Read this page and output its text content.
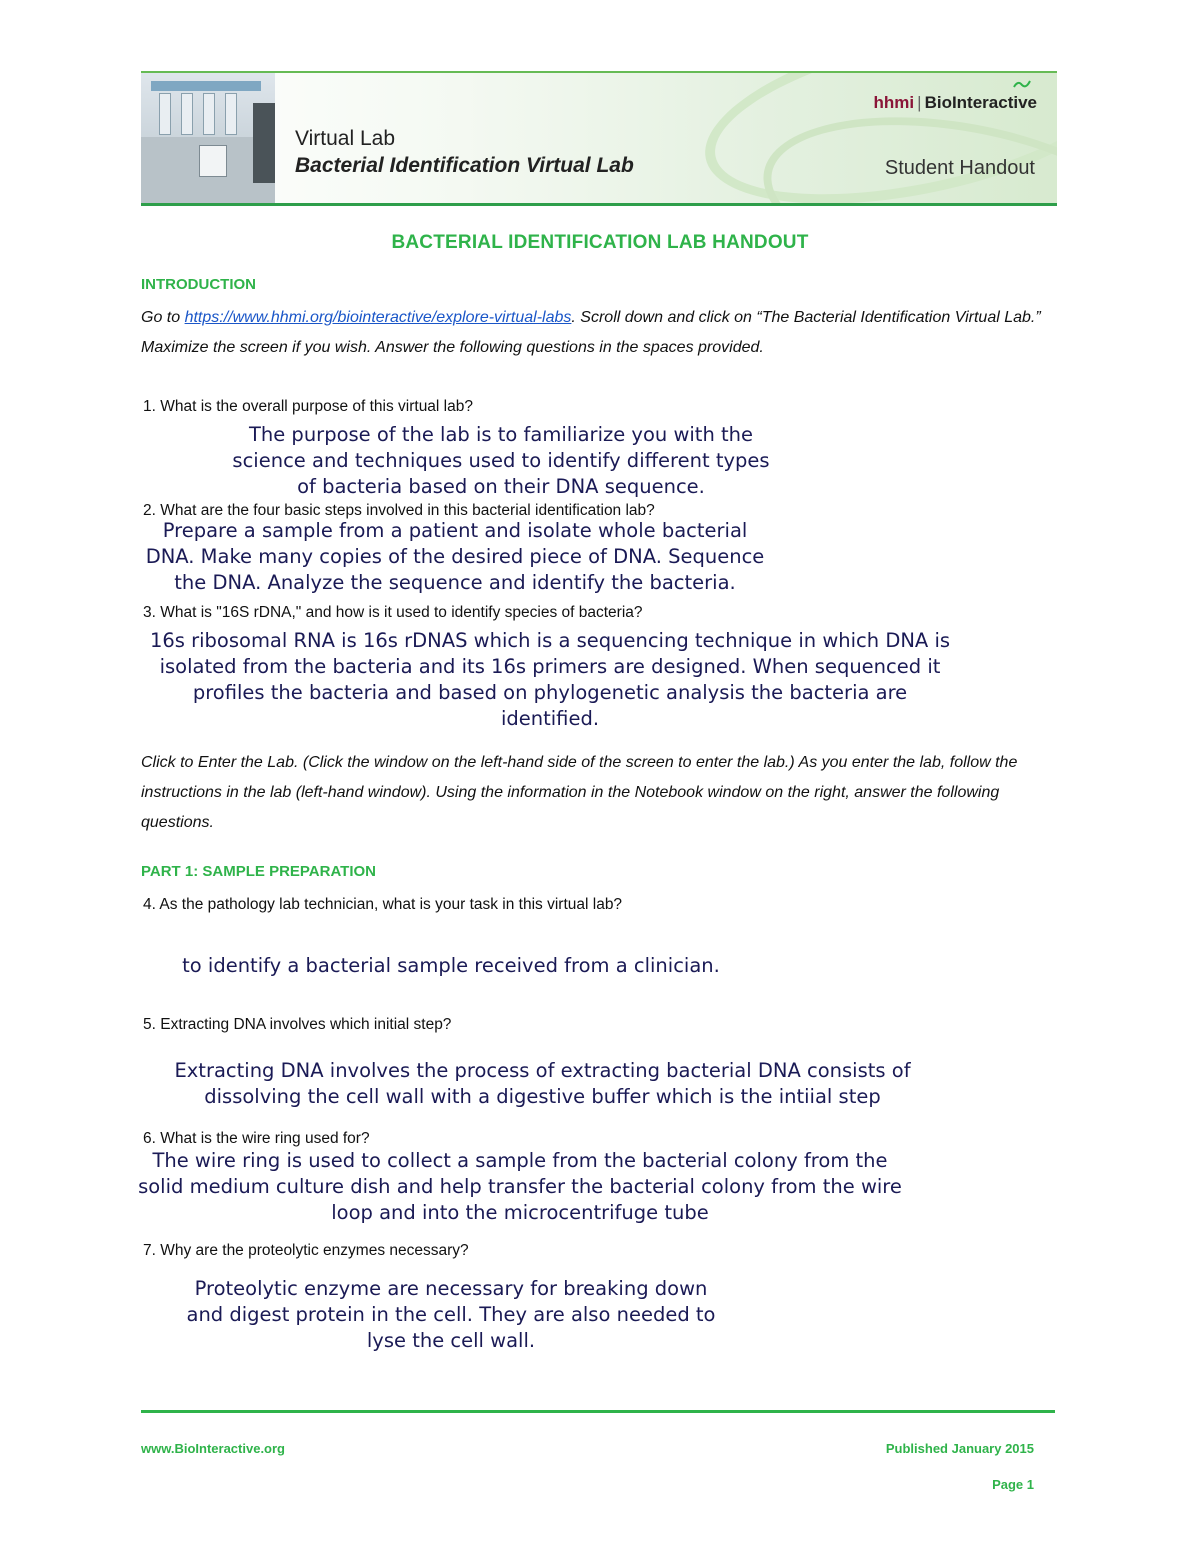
Virtual Lab
Bacterial Identification Virtual Lab	Student Handout
hhmi | BioInteractive
BACTERIAL IDENTIFICATION LAB HANDOUT
INTRODUCTION
Go to https://www.hhmi.org/biointeractive/explore-virtual-labs. Scroll down and click on “The Bacterial Identification Virtual Lab.” Maximize the screen if you wish. Answer the following questions in the spaces provided.
1. What is the overall purpose of this virtual lab?
The purpose of the lab is to familiarize you with the
science and techniques used to identify different types
of bacteria based on their DNA sequence.
2. What are the four basic steps involved in this bacterial identification lab?
Prepare a sample from a patient and isolate whole bacterial
DNA. Make many copies of the desired piece of DNA. Sequence
the DNA. Analyze the sequence and identify the bacteria.
3. What is "16S rDNA," and how is it used to identify species of bacteria?
16s ribosomal RNA is 16s rDNAS which is a sequencing technique in which DNA is
isolated from the bacteria and its 16s primers are designed. When sequenced it
profiles the bacteria and based on phylogenetic analysis the bacteria are
identified.
Click to Enter the Lab. (Click the window on the left-hand side of the screen to enter the lab.) As you enter the lab, follow the instructions in the lab (left-hand window). Using the information in the Notebook window on the right, answer the following questions.
PART 1: SAMPLE PREPARATION
4. As the pathology lab technician, what is your task in this virtual lab?
to identify a bacterial sample received from a clinician.
5. Extracting DNA involves which initial step?
Extracting DNA involves the process of extracting bacterial DNA consists of
dissolving the cell wall with a digestive buffer which is the intiial step
6. What is the wire ring used for?
The wire ring is used to collect a sample from the bacterial colony from the
solid medium culture dish and help transfer the bacterial colony from the wire
loop and into the microcentrifuge tube
7. Why are the proteolytic enzymes necessary?
Proteolytic enzyme are necessary for breaking down
and digest protein in the cell. They are also needed to
lyse the cell wall.
www.BioInteractive.org	Published January 2015
Page 1
